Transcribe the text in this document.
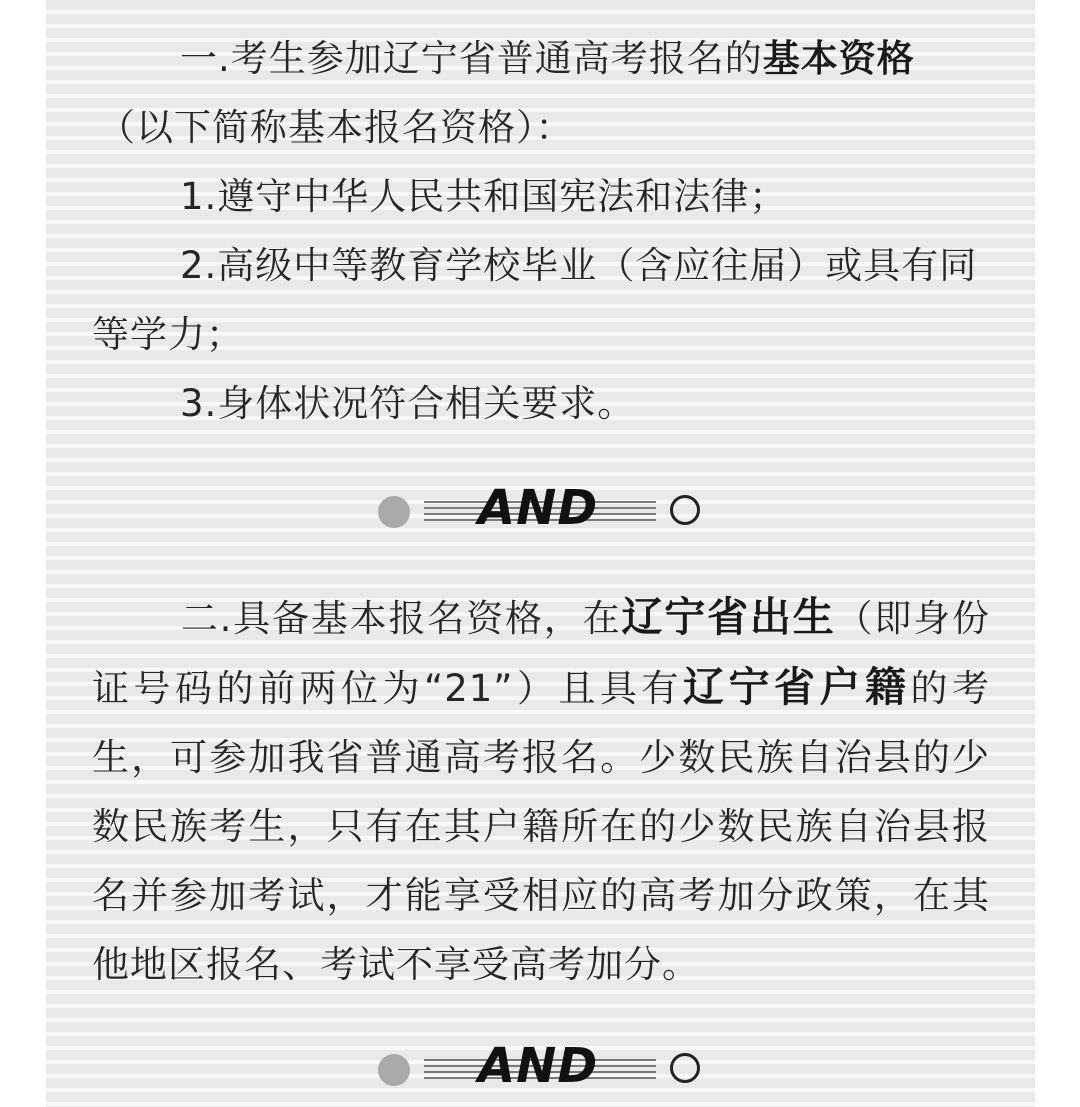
一.考生参加辽宁省普通高考报名的基本资格
（以下简称基本报名资格）：
1.遵守中华人民共和国宪法和法律；
2.高级中等教育学校毕业（含应往届）或具有同
等学力；
3.身体状况符合相关要求。
AND
二.具备基本报名资格，在辽宁省出生（即身份证号码的前两位为“21”）且具有辽宁省户籍的考生，可参加我省普通高考报名。少数民族自治县的少数民族考生，只有在其户籍所在的少数民族自治县报名并参加考试，才能享受相应的高考加分政策，在其他地区报名、考试不享受高考加分。
AND
